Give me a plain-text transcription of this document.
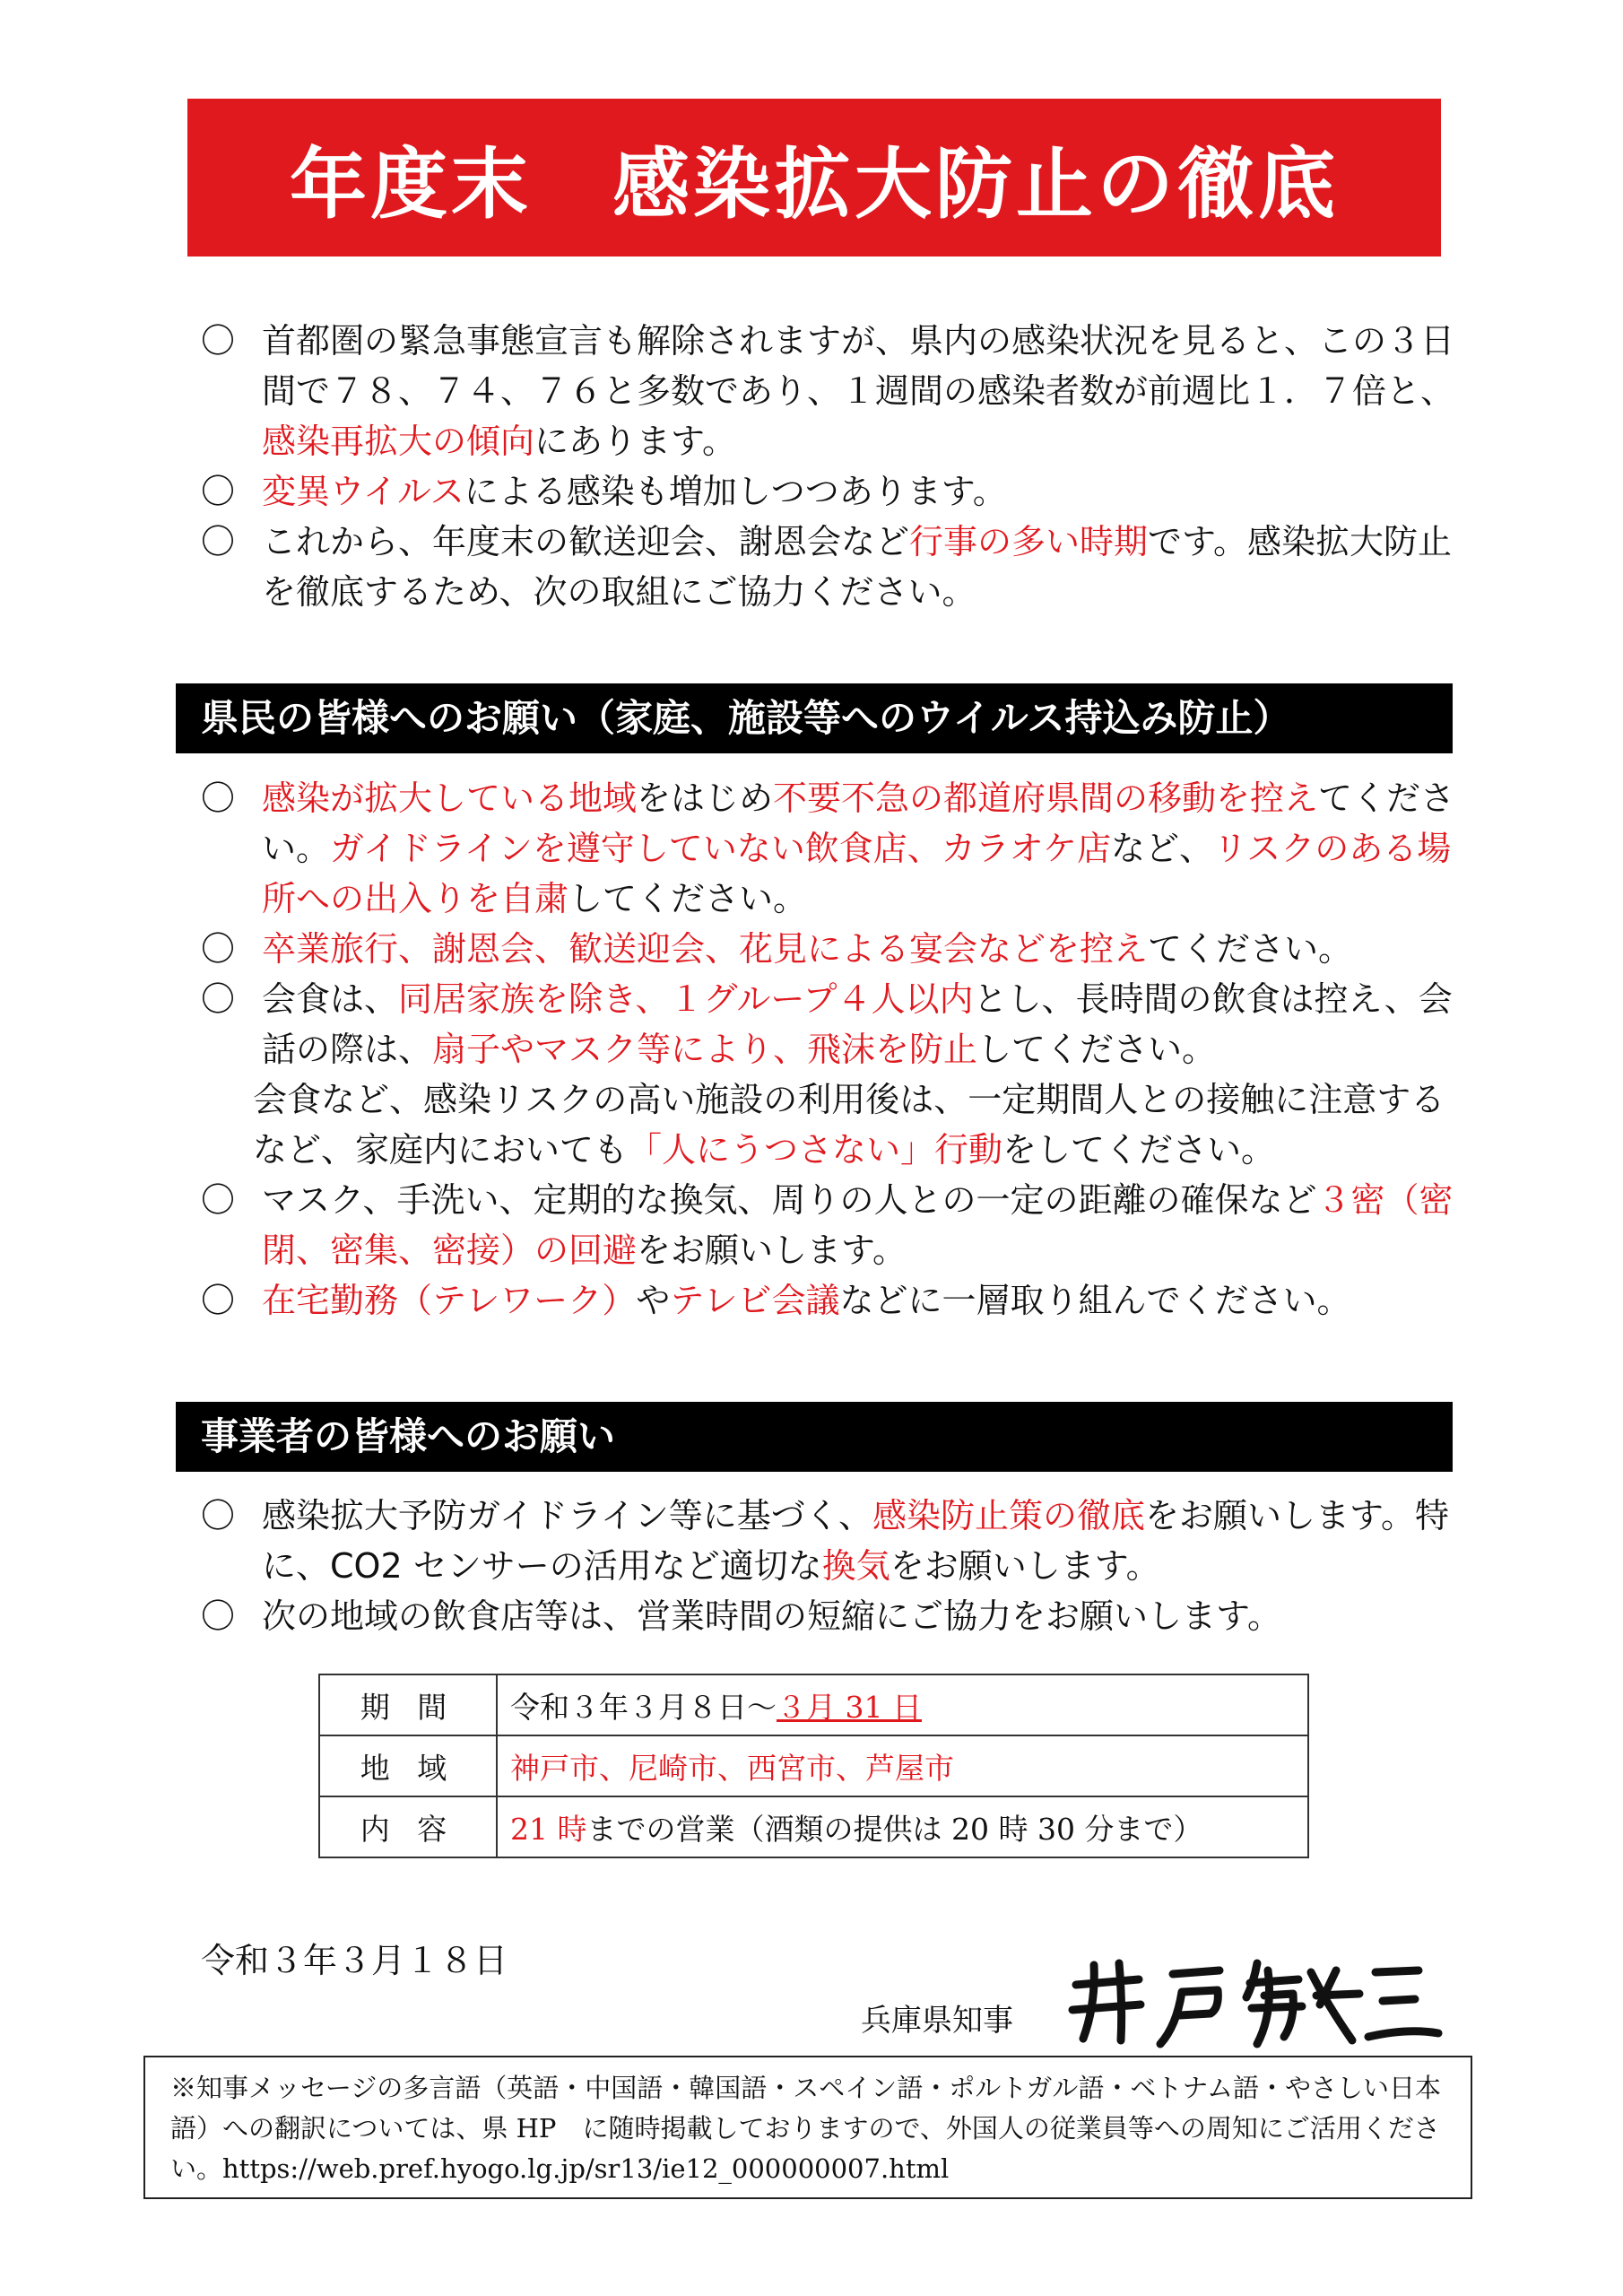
年度末　感染拡大防止の徹底
〇 首都圏の緊急事態宣言も解除されますが、県内の感染状況を見ると、この３日間で７８、７４、７６と多数であり、１週間の感染者数が前週比１．７倍と、感染再拡大の傾向にあります。
〇 変異ウイルスによる感染も増加しつつあります。
〇 これから、年度末の歓送迎会、謝恩会など行事の多い時期です。感染拡大防止を徹底するため、次の取組にご協力ください。
県民の皆様へのお願い（家庭、施設等へのウイルス持込み防止）
〇 感染が拡大している地域をはじめ不要不急の都道府県間の移動を控えてください。ガイドラインを遵守していない飲食店、カラオケ店など、リスクのある場所への出入りを自粛してください。
〇 卒業旅行、謝恩会、歓送迎会、花見による宴会などを控えてください。
〇 会食は、同居家族を除き、１グループ４人以内とし、長時間の飲食は控え、会話の際は、扇子やマスク等により、飛沫を防止してください。
会食など、感染リスクの高い施設の利用後は、一定期間人との接触に注意するなど、家庭内においても「人にうつさない」行動をしてください。
〇 マスク、手洗い、定期的な換気、周りの人との一定の距離の確保など３密（密閉、密集、密接）の回避をお願いします。
〇 在宅勤務（テレワーク）やテレビ会議などに一層取り組んでください。
事業者の皆様へのお願い
〇 感染拡大予防ガイドライン等に基づく、感染防止策の徹底をお願いします。特に、CO2 センサーの活用など適切な換気をお願いします。
〇 次の地域の飲食店等は、営業時間の短縮にご協力をお願いします。
期 間	令和３年３月８日～３月 31 日
地 域	神戸市、尼崎市、西宮市、芦屋市
内 容	21 時までの営業（酒類の提供は 20 時 30 分まで）
令和３年３月１８日
兵庫県知事
※知事メッセージの多言語（英語・中国語・韓国語・スペイン語・ポルトガル語・ベトナム語・やさしい日本語）への翻訳については、県 HP　に随時掲載しておりますので、外国人の従業員等への周知にご活用ください。https://web.pref.hyogo.lg.jp/sr13/ie12_000000007.html
